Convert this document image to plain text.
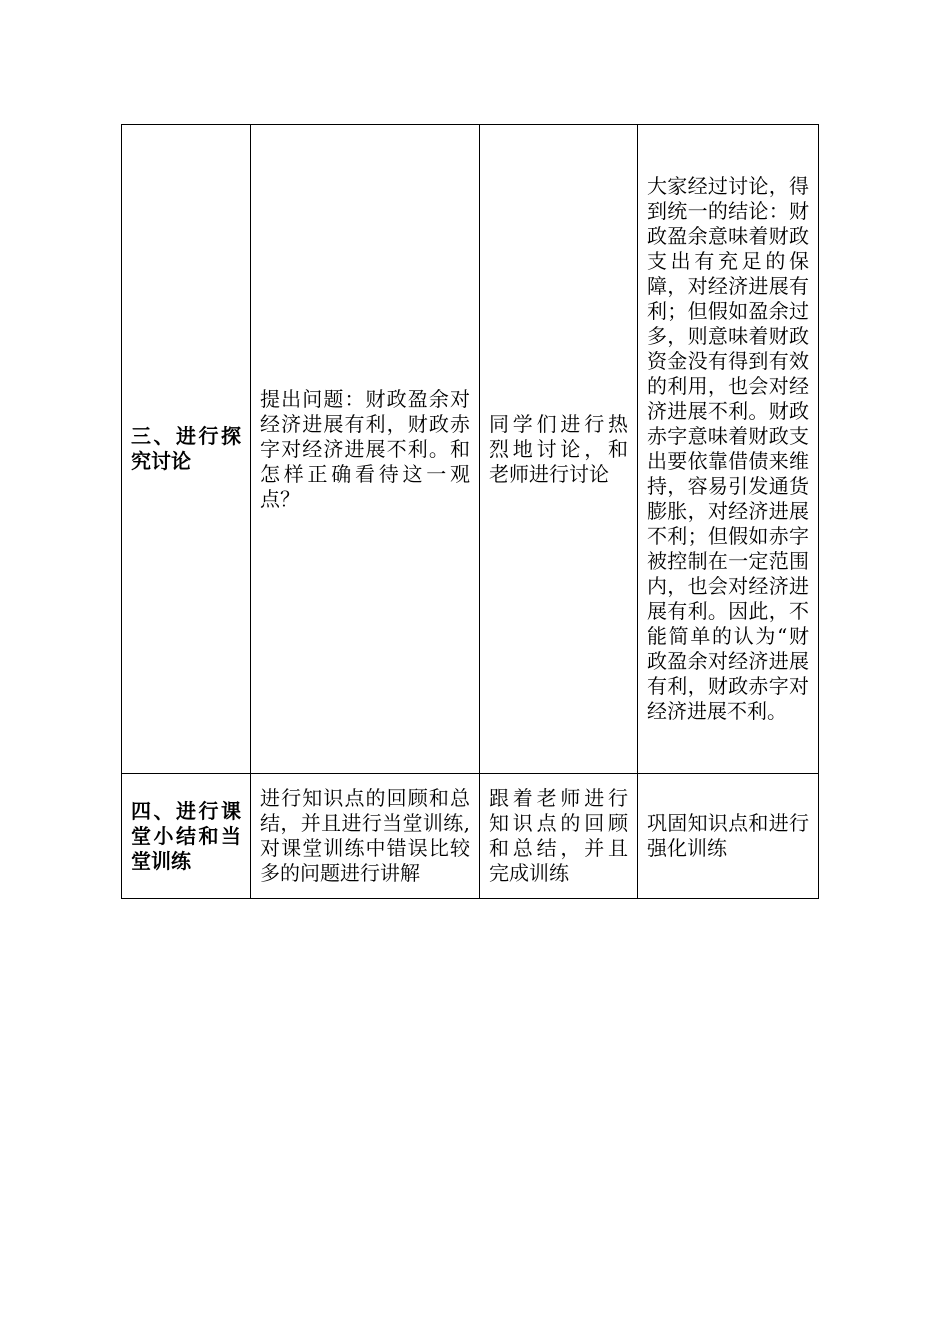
三、进行探究讨论	提出问题：财政盈余对经济进展有利，财政赤字对经济进展不利。和怎样正确看待这一观点？	同学们进行热烈地讨论，和老师进行讨论	大家经过讨论，得到统一的结论：财政盈余意味着财政支出有充足的保障，对经济进展有利；但假如盈余过多，则意味着财政资金没有得到有效的利用，也会对经济进展不利。财政赤字意味着财政支出要依靠借债来维持，容易引发通货膨胀，对经济进展不利；但假如赤字被控制在一定范围内，也会对经济进展有利。因此，不能简单的认为“财政盈余对经济进展有利，财政赤字对经济进展不利。
四、进行课堂小结和当堂训练	进行知识点的回顾和总结，并且进行当堂训练,对课堂训练中错误比较多的问题进行讲解	跟着老师进行知识点的回顾和总结，并且完成训练	巩固知识点和进行强化训练
